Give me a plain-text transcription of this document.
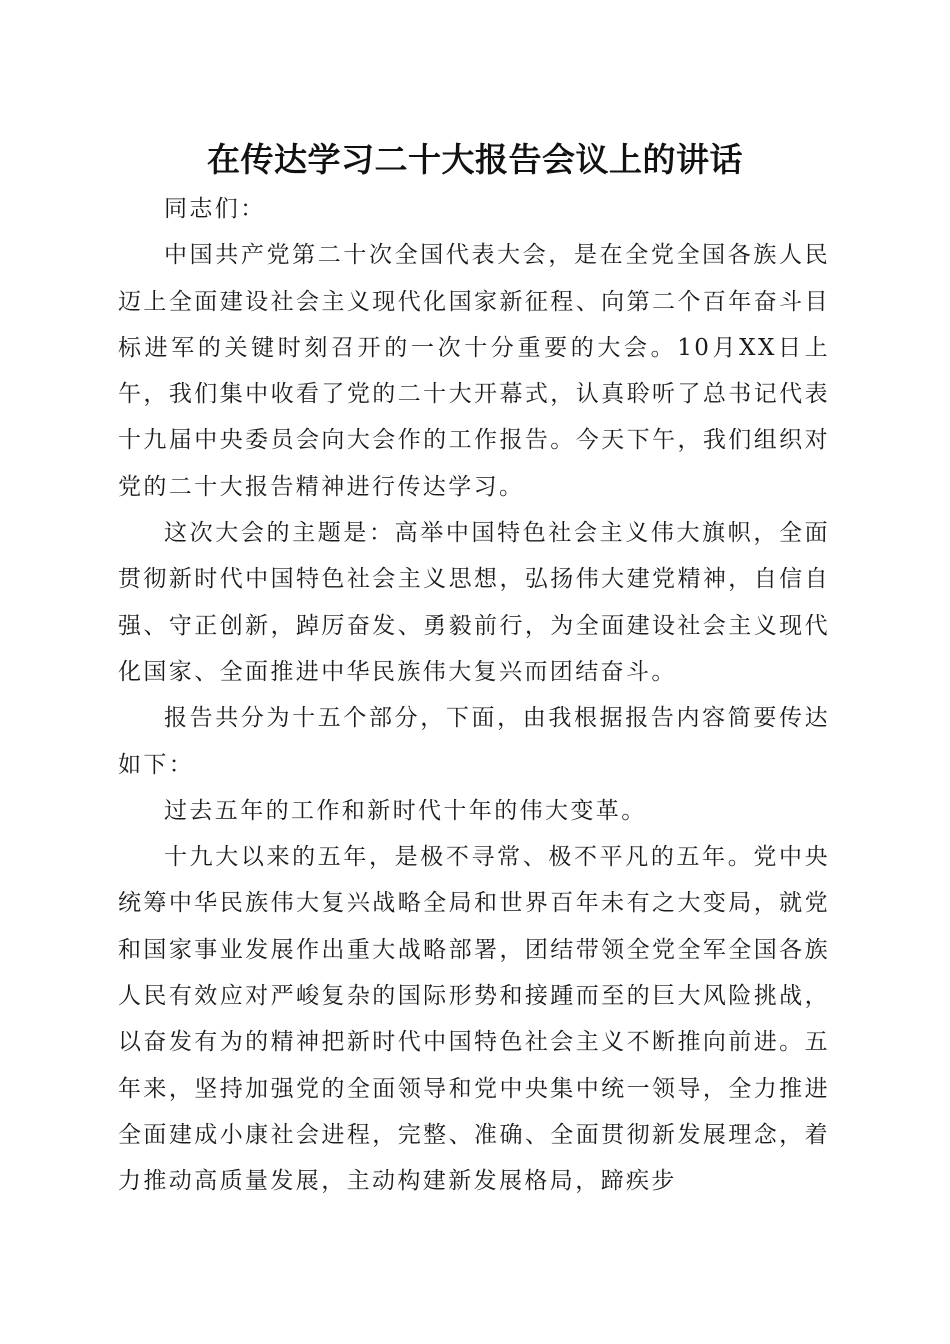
在传达学习二十大报告会议上的讲话

同志们：

中国共产党第二十次全国代表大会，是在全党全国各族人民迈上全面建设社会主义现代化国家新征程、向第二个百年奋斗目标进军的关键时刻召开的一次十分重要的大会。10月XX日上午，我们集中收看了党的二十大开幕式，认真聆听了总书记代表十九届中央委员会向大会作的工作报告。今天下午，我们组织对党的二十大报告精神进行传达学习。

这次大会的主题是：高举中国特色社会主义伟大旗帜，全面贯彻新时代中国特色社会主义思想，弘扬伟大建党精神，自信自强、守正创新，踔厉奋发、勇毅前行，为全面建设社会主义现代化国家、全面推进中华民族伟大复兴而团结奋斗。

报告共分为十五个部分，下面，由我根据报告内容简要传达如下：

过去五年的工作和新时代十年的伟大变革。

十九大以来的五年，是极不寻常、极不平凡的五年。党中央统筹中华民族伟大复兴战略全局和世界百年未有之大变局，就党和国家事业发展作出重大战略部署，团结带领全党全军全国各族人民有效应对严峻复杂的国际形势和接踵而至的巨大风险挑战，以奋发有为的精神把新时代中国特色社会主义不断推向前进。五年来，坚持加强党的全面领导和党中央集中统一领导，全力推进全面建成小康社会进程，完整、准确、全面贯彻新发展理念，着力推动高质量发展，主动构建新发展格局，蹄疾步
